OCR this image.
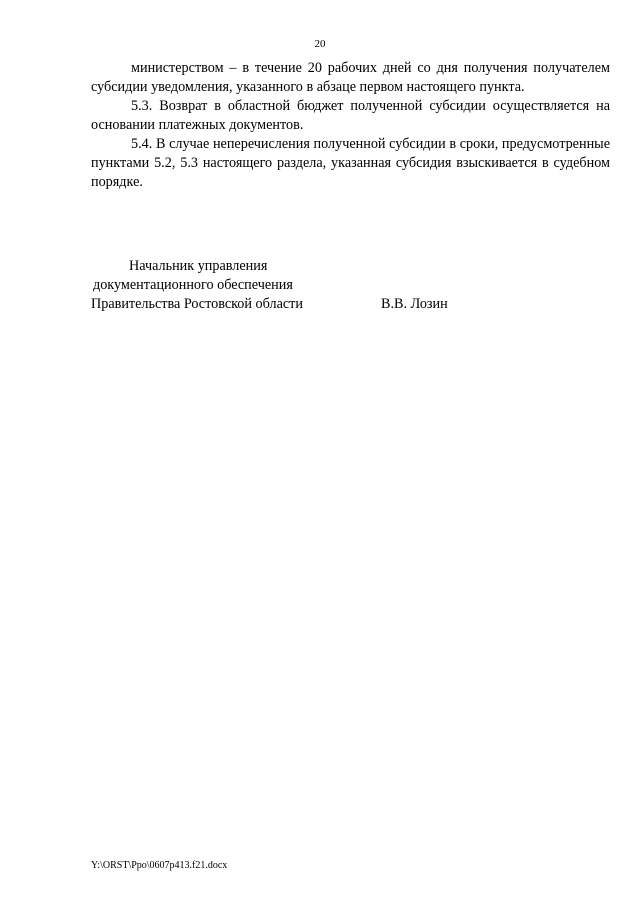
20

министерством – в течение 20 рабочих дней со дня получения получателем субсидии уведомления, указанного в абзаце первом настоящего пункта.

5.3. Возврат в областной бюджет полученной субсидии осуществляется на основании платежных документов.

5.4. В случае неперечисления полученной субсидии в сроки, предусмотренные пунктами 5.2, 5.3 настоящего раздела, указанная субсидия взыскивается в судебном порядке.

Начальник управления
документационного обеспечения
Правительства Ростовской области	В.В. Лозин
Y:\ORST\Ppo\0607p413.f21.docx
